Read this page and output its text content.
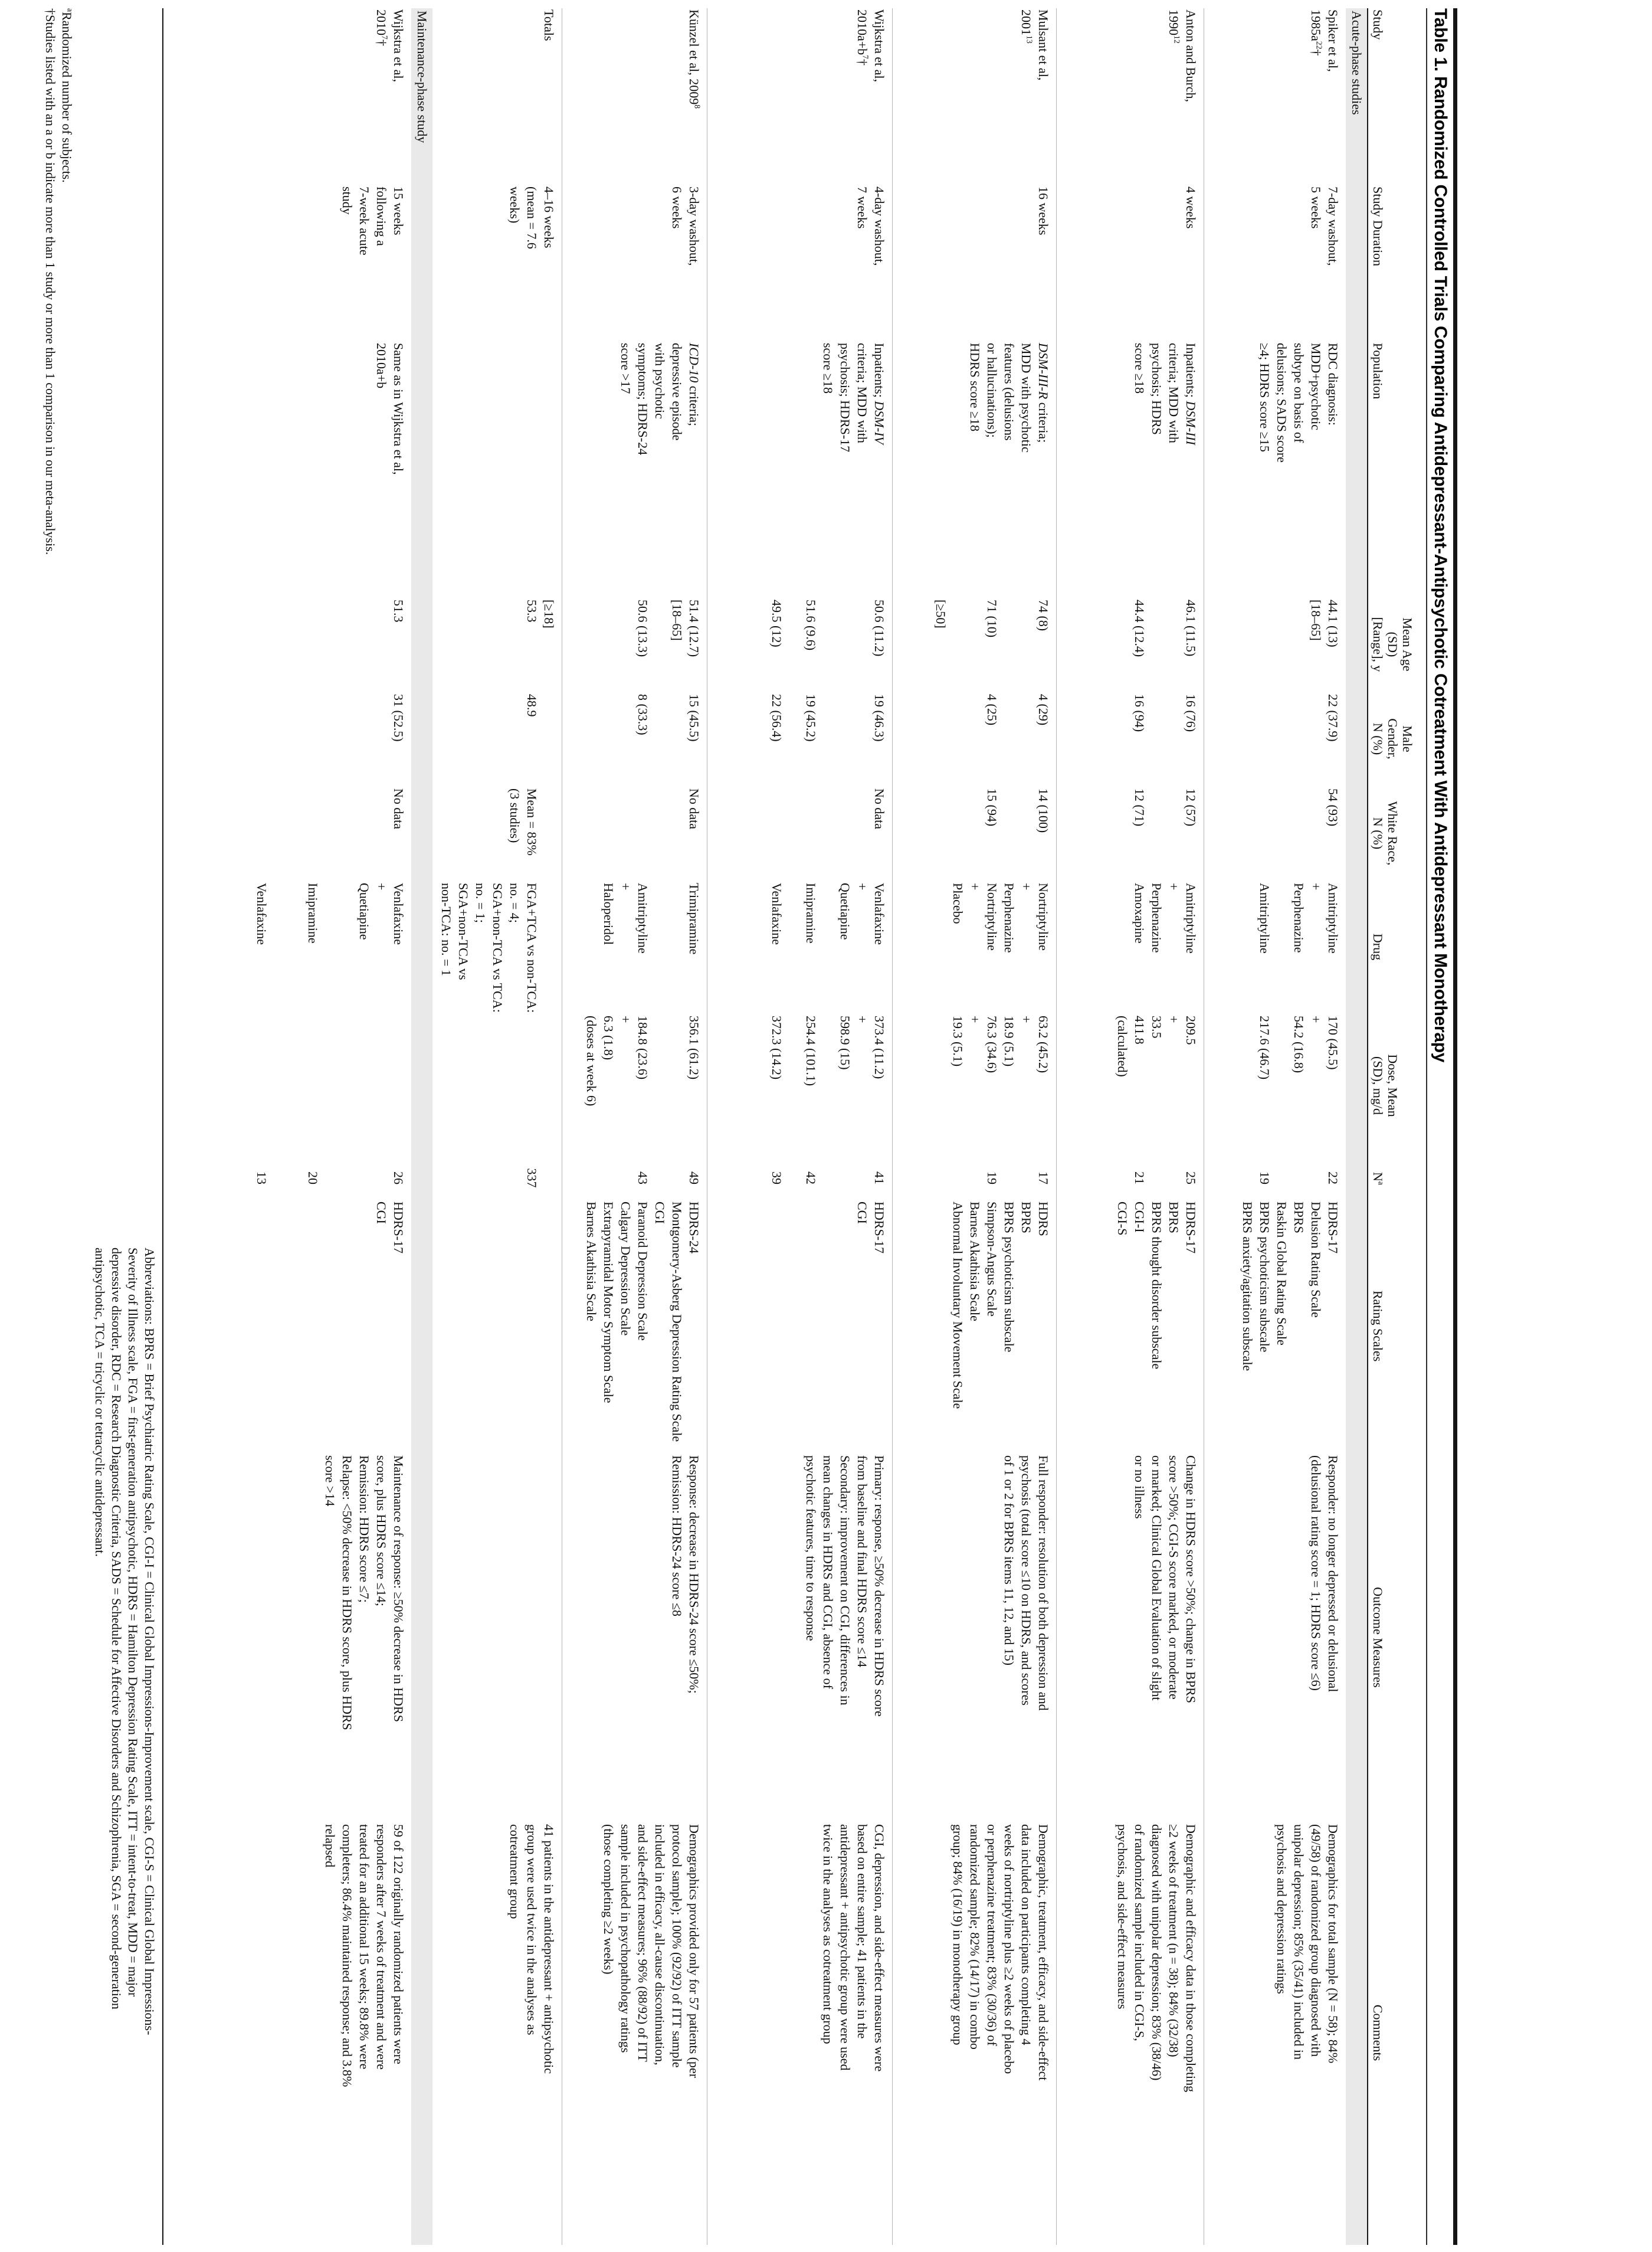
Table 1. Randomized Controlled Trials Comparing Antidepressant-Antipsychotic Cotreatment With Antidepressant Monotherapy
Study
Study Duration
Population
Mean Age
(SD)
[Range], y
Male
Gender,
N (%)
White Race,
N (%)
Drug
Dose, Mean
(SD), mg/d
$N^a$
Rating Scales
Outcome Measures
Comments
Acute-phase studies
Spiker et al,
$1985a^{22}\dagger$
7-day washout,
5 weeks
RDC diagnosis:
MDD+psychotic
subtype on basis of
delusions; SADS score
≥4; HDRS score ≥15
44.1 (13)
[18–65]
22 (37.9)
54 (93)
Amitriptyline
+
Perphenazine

Amitriptyline
170 (45.5)
+
54.2 (16.8)

217.6 (46.7)
22

19
HDRS-17
Delusion Rating Scale
BPRS
Raskin Global Rating Scale
BPRS psychoticism subscale
BPRS anxiety/agitation subscale
Responder: no longer depressed or delusional
(delusional rating score = 1; HDRS score ≤6)
Demographics for total sample (N = 58); 84%
(49/58) of randomized group diagnosed with
unipolar depression; 85% (35/41) included in
psychosis and depression ratings
Anton and Burch,
1990$^{12}$
4 weeks
Inpatients; DSM-III
criteria; MDD with
psychosis; HDRS
score ≥18
46.1 (11.5)

44.4 (12.4)
16 (76)

16 (94)
12 (57)

12 (71)
Amitriptyline
+
Perphenazine
Amoxapine
209.5
+
33.5
411.8
(calculated)
25

21
HDRS-17
BPRS
BPRS thought disorder subscale
CGI-I
CGI-S
Change in HDRS score >50%; change in BPRS
score >50%; CGI-S score marked, or moderate
or marked; Clinical Global Evaluation of slight
or no illness
Demographic and efficacy data in those completing
≥2 weeks of treatment (n = 38); 84% (32/38)
diagnosed with unipolar depression; 83% (38/46)
of randomized sample included in CGI-S,
psychosis, and side-effect measures
Mulsant et al,
2001$^{13}$
16 weeks
DSM-III-R criteria;
MDD with psychotic
features (delusions
or hallucinations);
HDRS score ≥18
74 (8)

71 (10)

[≥50]
4 (29)

4 (25)
14 (100)

15 (94)
Nortriptyline
+
Perphenazine
Nortriptyline
+
Placebo
63.2 (45.2)
+
18.9 (5.1)
76.3 (34.6)
+
19.3 (5.1)
17

19
HDRS
BPRS
BPRS psychoticism subscale
Simpson-Angus Scale
Barnes Akathisia Scale
Abnormal Involuntary Movement Scale
Full responder: resolution of both depression and
psychosis (total score ≤10 on HDRS, and scores
of 1 or 2 for BPRS items 11, 12, and 15)
Demographic, treatment, efficacy, and side-effect
data included on participants completing 4
weeks of nortriptyline plus ≥2 weeks of placebo
or perphenazine treatment; 83% (30/36) of
randomized sample; 82% (14/17) in combo
group; 84% (16/19) in monotherapy group
Wijkstra et al,
$2010a+b^7\dagger$
4-day washout,
7 weeks
Inpatients; DSM-IV
criteria; MDD with
psychosis; HDRS-17
score ≥18
50.6 (11.2)

51.6 (9.6)

49.5 (12)
19 (46.3)

19 (45.2)

22 (56.4)
No data
Venlafaxine
+
Quetiapine

Imipramine

Venlafaxine
373.4 (11.2)
+
598.9 (15)

254.4 (101.1)

372.3 (14.2)
41

42

39
HDRS-17
CGI
Primary: response, ≥50% decrease in HDRS score
from baseline and final HDRS score ≤14
Secondary: improvement on CGI, differences in
mean changes in HDRS and CGI, absence of
psychotic features, time to response
CGI, depression, and side-effect measures were
based on entire sample; 41 patients in the
antidepressant + antipsychotic group were used
twice in the analyses as cotreatment group
Künzel et al, 2009$^8$
3-day washout,
6 weeks
ICD-10 criteria;
depressive episode
with psychotic
symptoms; HDRS-24
score >17
51.4 (12.7)
[18–65]

50.6 (13.3)
15 (45.5)

8 (33.3)
No data
Trimipramine

Amitriptyline
+
Haloperidol
356.1 (61.2)

184.8 (23.6)
+
6.3 (1.8)
(doses at week 6)
49

43
HDRS-24
Montgomery-Asberg Depression Rating Scale
CGI
Paranoid Depression Scale
Calgary Depression Scale
Extrapyramidal Motor Symptom Scale
Barnes Akathisia Scale
Response: decrease in HDRS-24 score ≤50%;
Remission: HDRS-24 score ≤8
Demographics provided only for 57 patients (per
protocol sample); 100% (92/92) of ITT sample
included in efficacy, all-cause discontinuation,
and side-effect measures; 96% (88/92) of ITT
sample included in psychopathology ratings
(those completing ≥2 weeks)
Totals
4–16 weeks
(mean = 7.6
weeks)
[≥18]
53.3

48.9

Mean = 83%
(3 studies)

FGA+TCA vs non-TCA:
no. = 4;
SGA+non-TCA vs TCA:
no. = 1;
SGA+non-TCA vs
non-TCA: no. = 1

337
41 patients in the antidepressant + antipsychotic
group were used twice in the analyses as
cotreatment group
Maintenance-phase study
Wijkstra et al,
2010$^7$†
15 weeks
following a
7-week acute
study
Same as in Wijkstra et al,
2010a+b
51.3
31 (52.5)
No data
Venlafaxine
+
Quetiapine

Imipramine

Venlafaxine
26

20

13
HDRS-17
CGI
Maintenance of response: ≥50% decrease in HDRS
score, plus HDRS score ≤14;
Remission: HDRS score ≤7;
Relapse: <50% decrease in HDRS score, plus HDRS
score >14
59 of 122 originally randomized patients were
responders after 7 weeks of treatment and were
treated for an additional 15 weeks; 89.8% were
completers; 86.4% maintained response; and 3.8%
relapsed
Abbreviations: BPRS = Brief Psychiatric Rating Scale, CGI-I = Clinical Global Impressions-Improvement scale, CGI-S = Clinical Global Impressions-
Severity of Illness scale, FGA = first-generation antipsychotic, HDRS = Hamilton Depression Rating Scale, ITT = intent-to-treat, MDD = major
depressive disorder, RDC = Research Diagnostic Criteria, SADS = Schedule for Affective Disorders and Schizophrenia, SGA = second-generation
antipsychotic, TCA = tricyclic or tetracyclic antidepressant.
$^a$Randomized number of subjects.
†Studies listed with an a or b indicate more than 1 study or more than 1 comparison in our meta-analysis.
